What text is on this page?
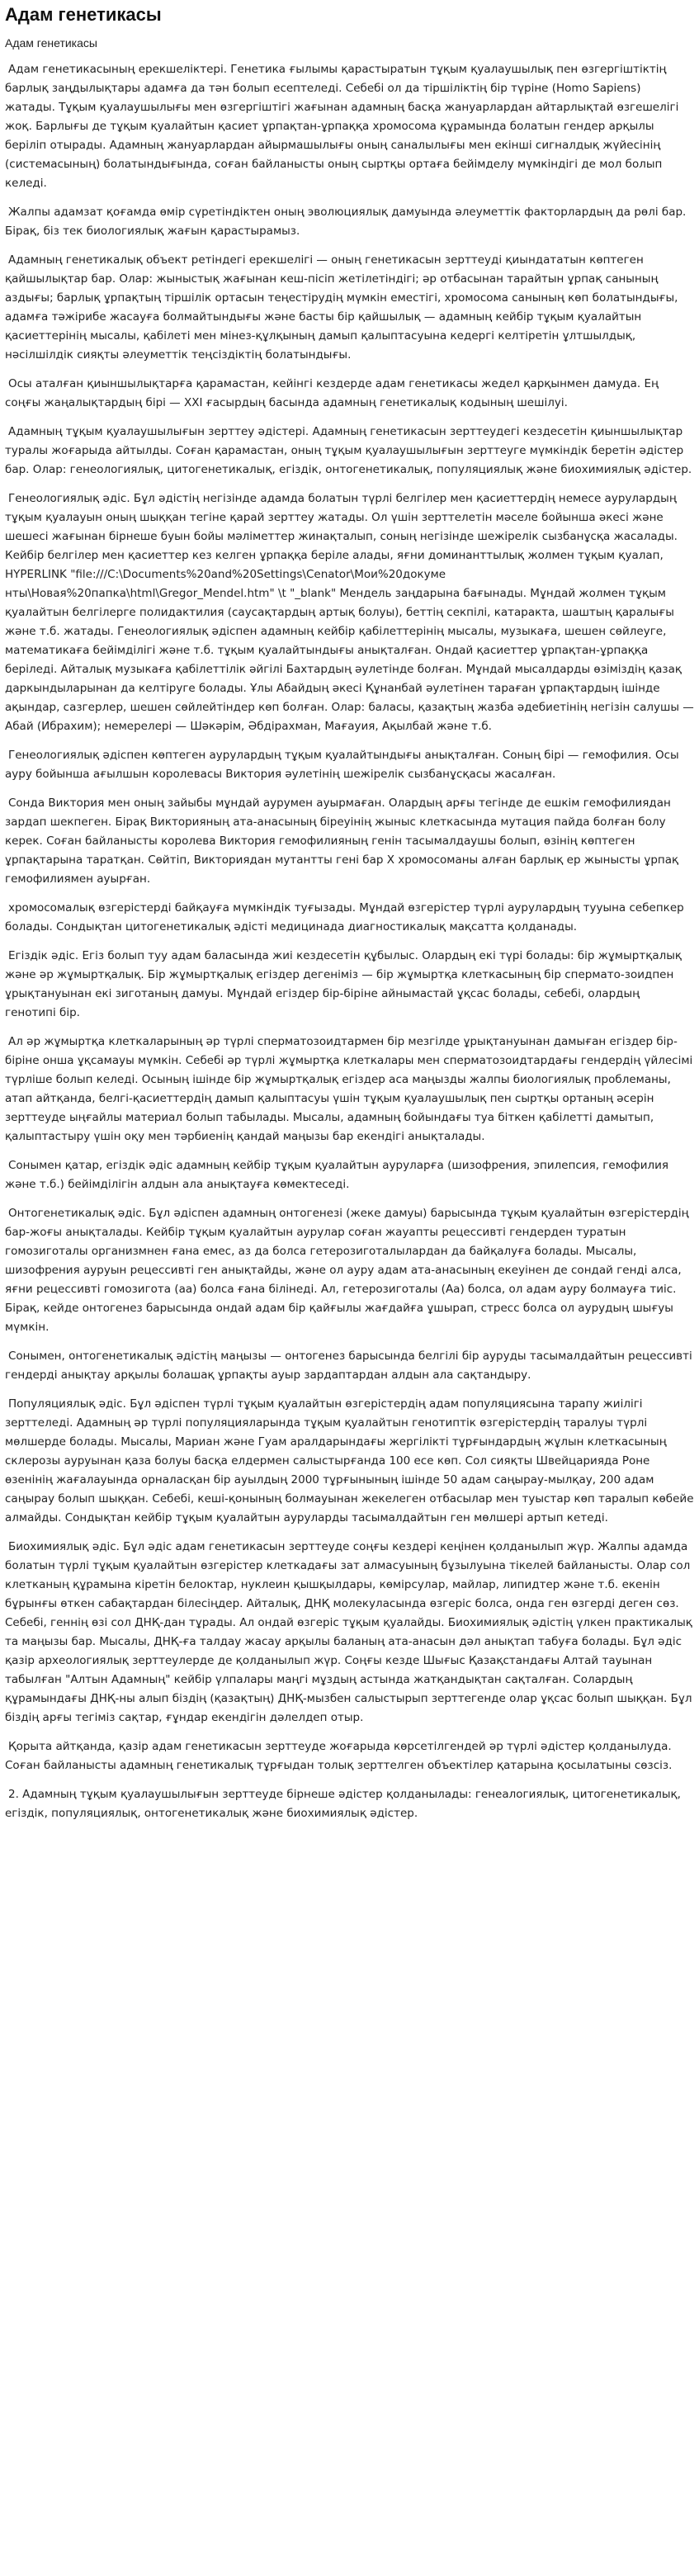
Адам генетикасы
Адам генетикасы

Адам генетикасының ерекшеліктері. Генетика ғылымы қарастыратын тұқым қуалаушылық пен өзгергіштіктің барлық заңдылықтары адамға да тән болып есептеледі. Себебі ол да тіршіліктің бір түріне (Homo Sapiens) жатады. Тұқым қуалаушылығы мен өзгергіштігі жағынан адамның басқа жануарлардан айтарлықтай өзгешелігі жоқ. Барлығы де тұқым қуалайтын қасиет ұрпақтан-ұрпаққа хромосома құрамында болатын гендер арқылы беріліп отырады. Адамның жануарлардан айырмашылығы оның саналылығы мен екінші сигналдық жүйесінің (системасының) болатындығында, соған байланысты оның сыртқы ортаға бейімделу мүмкіндігі де мол болып келеді.

Жалпы адамзат қоғамда өмір сүретіндіктен оның эволюциялық дамуында әлеуметтік факторлардың да рөлі бар. Бірақ, біз тек биологиялық жағын қарастырамыз.

Адамның генетикалық объект ретіндегі ерекшелігі — оның генетикасын зерттеуді қиындататын көптеген қайшылықтар бар. Олар: жыныстық жағынан кеш-пісіп жетілетіндігі; әр отбасынан тарайтын ұрпақ санының аздығы; барлық ұрпақтың тіршілік ортасын теңестірудің мүмкін еместігі, хромосома санының көп болатындығы, адамға тәжірибе жасауға болмайтындығы және басты бір қайшылық — адамның кейбір тұқым қуалайтын қасиеттерінің мысалы, қабілеті мен мінез-құлқының дамып қалыптасуына кедергі келтіретін ұлтшылдық, нәсілшілдік сияқты әлеуметтік теңсіздіктің болатындығы.

Осы аталған қиыншылықтарға қарамастан, кейінгі кездерде адам генетикасы жедел қарқынмен дамуда. Ең соңғы жаңалықтардың бірі — XXI ғасырдың басында адамның генетикалық кодының шешілуі.

Адамның тұқым қуалаушылығын зерттеу әдістері. Адамның генетикасын зерттеудегі кездесетін қиыншылықтар туралы жоғарыда айтылды. Соған қарамастан, оның тұқым қуалаушылығын зерттеуге мүмкіндік беретін әдістер бар. Олар: генеологиялық, цитогенетикалық, егіздік, онтогенетикалық, популяциялық және биохимиялық әдістер.

Генеологиялық әдіс. Бұл әдістің негізінде адамда болатын түрлі белгілер мен қасиеттердің немесе аурулардың тұқым қуалауын оның шыққан тегіне қарай зерттеу жатады. Ол үшін зерттелетін мәселе бойынша әкесі және шешесі жағынан бірнеше буын бойы мәліметтер жинақталып, соның негізінде шежірелік сызбанұсқа жасалады. Кейбір белгілер мен қасиеттер кез келген ұрпаққа беріле алады, яғни доминанттылық жолмен тұқым қуалап, HYPERLINK "file:///C:\Documents%20and%20Settings\Cenator\Мои%20докуме нты\Новая%20папка\html\Gregor_Mendel.htm" \t "_blank" Мендель заңдарына бағынады. Мұндай жолмен тұқым қуалайтын белгілерге полидактилия (саусақтардың артық болуы), беттің секпілі, катаракта, шаштың қаралығы және т.б. жатады. Генеологиялық әдіспен адамның кейбір қабілеттерінің мысалы, музыкаға, шешен сөйлеуге, математикаға бейімділігі және т.б. тұқым қуалайтындығы анықталған. Ондай қасиеттер ұрпақтан-ұрпаққа беріледі. Айталық музыкаға қабілеттілік әйгілі Бахтардың әулетінде болған. Мұндай мысалдарды өзіміздің қазақ даркындыларынан да келтіруге болады. Ұлы Абайдың әкесі Құнанбай әулетінен тараған ұрпақтардың ішінде ақындар, сазгерлер, шешен сөйлейтіндер көп болған. Олар: баласы, қазақтың жазба әдебиетінің негізін салушы — Абай (Ибрахим); немерелері — Шәкәрім, Әбдірахман, Мағауия, Ақылбай және т.б.

Генеологиялық әдіспен көптеген аурулардың тұқым қуалайтындығы анықталған. Соның бірі — гемофилия. Осы ауру бойынша ағылшын королевасы Виктория әулетінің шежірелік сызбанұсқасы жасалған.

Сонда Виктория мен оның зайыбы мұндай аурумен ауырмаған. Олардың арғы тегінде де ешкім гемофилиядан зардап шекпеген. Бірақ Викторияның ата-анасының біреуінің жыныс клеткасында мутация пайда болған болу керек. Соған байланысты королева Виктория гемофилияның генін тасымалдаушы болып, өзінің көптеген ұрпақтарына таратқан. Сөйтіп, Викториядан мутантты гені бар Х хромосоманы алған барлық ер жынысты ұрпақ гемофилиямен ауырған.

хромосомалық өзгерістерді байқауға мүмкіндік туғызады. Мұндай өзгерістер түрлі аурулардың тууына себепкер болады. Сондықтан цитогенетикалық әдісті медицинада диагностикалық мақсатта қолданады.

Егіздік әдіс. Егіз болып туу адам баласында жиі кездесетін құбылыс. Олардың екі түрі болады: бір жұмыртқалық және әр жұмыртқалық. Бір жұмыртқалық егіздер дегеніміз — бір жұмыртқа клеткасының бір спермато-зоидпен ұрықтануынан екі зиготаның дамуы. Мұндай егіздер бір-біріне айнымастай ұқсас болады, себебі, олардың генотипі бір.

Ал әр жұмыртқа клеткаларының әр түрлі сперматозоидтармен бір мезгілде ұрықтануынан дамыған егіздер бір-біріне онша ұқсамауы мүмкін. Себебі әр түрлі жұмыртқа клеткалары мен сперматозоидтардағы гендердің үйлесімі түрліше болып келеді. Осының ішінде бір жұмыртқалық егіздер аса маңызды жалпы биологиялық проблеманы, атап айтқанда, белгі-қасиеттердің дамып қалыптасуы үшін тұқым қуалаушылық пен сыртқы ортаның әсерін зерттеуде ыңғайлы материал болып табылады. Мысалы, адамның бойындағы туа біткен қабілетті дамытып, қалыптастыру үшін оқу мен тәрбиенің қандай маңызы бар екендігі анықталады.

Сонымен қатар, егіздік әдіс адамның кейбір тұқым қуалайтын ауруларға (шизофрения, эпилепсия, гемофилия және т.б.) бейімділігін алдын ала анықтауға көмектеседі.

Онтогенетикалық әдіс. Бұл әдіспен адамның онтогенезі (жеке дамуы) барысында тұқым қуалайтын өзгерістердің бар-жоғы анықталады. Кейбір тұқым қуалайтын аурулар соған жауапты рецессивті гендерден туратын гомозиготалы организмнен ғана емес, аз да болса гетерозиготалылардан да байқалуға болады. Мысалы, шизофрения ауруын рецессивті ген анықтайды, және ол ауру адам ата-анасының екеуінен де сондай генді алса, яғни рецессивті гомозигота (аа) болса ғана білінеді. Ал, гетерозиготалы (Аа) болса, ол адам ауру болмауға тиіс. Бірақ, кейде онтогенез барысында ондай адам бір қайғылы жағдайға ұшырап, стресс болса ол аурудың шығуы мүмкін.

Сонымен, онтогенетикалық әдістің маңызы — онтогенез барысында белгілі бір ауруды тасымалдайтын рецессивті гендерді анықтау арқылы болашақ ұрпақты ауыр зардаптардан алдын ала сақтандыру.

Популяциялық әдіс. Бұл әдіспен түрлі тұқым қуалайтын өзгерістердің адам популяциясына тарапу жиілігі зерттеледі. Адамның әр түрлі популяцияларында тұқым қуалайтын генотиптік өзгерістердің таралуы түрлі мөлшерде болады. Мысалы, Мариан және Гуам аралдарындағы жергілікті тұрғындардың жұлын клеткасының склерозы ауруынан қаза болуы басқа елдермен салыстырғанда 100 есе көп. Сол сияқты Швейцарияда Роне өзенінің жағалауында орналасқан бір ауылдың 2000 тұрғынының ішінде 50 адам саңырау-мылқау, 200 адам саңырау болып шыққан. Себебі, кеші-қонының болмауынан жекелеген отбасылар мен туыстар көп таралып көбейе алмайды. Сондықтан кейбір тұқым қуалайтын ауруларды тасымалдайтын ген мөлшері артып кетеді.

Биохимиялық әдіс. Бұл әдіс адам генетикасын зерттеуде соңғы кездері кеңінен қолданылып жүр. Жалпы адамда болатын түрлі тұқым қуалайтын өзгерістер клеткадағы зат алмасуының бұзылуына тікелей байланысты. Олар сол клетканың құрамына кіретін белоктар, нуклеин қышқылдары, көмірсулар, майлар, липидтер және т.б. екенін бұрынғы өткен сабақтардан білесіңдер. Айталық, ДНҚ молекуласында өзгеріс болса, онда ген өзгерді деген сөз. Себебі, геннің өзі сол ДНҚ-дан тұрады. Ал ондай өзгеріс тұқым қуалайды. Биохимиялық әдістің үлкен практикалық та маңызы бар. Мысалы, ДНҚ-ға талдау жасау арқылы баланың ата-анасын дәл анықтап табуға болады. Бұл әдіс қазір археологиялық зерттеулерде де қолданылып жүр. Соңғы кезде Шығыс Қазақстандағы Алтай тауынан табылған "Алтын Адамның" кейбір үлпалары маңгі мұздың астында жатқандықтан сақталған. Солардың құрамындағы ДНҚ-ны алып біздің (қазақтың) ДНҚ-мызбен салыстырып зерттегенде олар ұқсас болып шыққан. Бұл біздің арғы тегіміз сақтар, ғұндар екендігін дәлелдеп отыр.

Қорыта айтқанда, қазір адам генетикасын зерттеуде жоғарыда көрсетілгендей әр түрлі әдістер қолданылуда. Соған байланысты адамның генетикалық тұрғыдан толық зерттелген объектілер қатарына қосылатыны сөзсіз.

2. Адамның тұқым қуалаушылығын зерттеуде бірнеше әдістер қолданылады: генеалогиялық, цитогенетикалық, егіздік, популяциялық, онтогенетикалық және биохимиялық әдістер.
